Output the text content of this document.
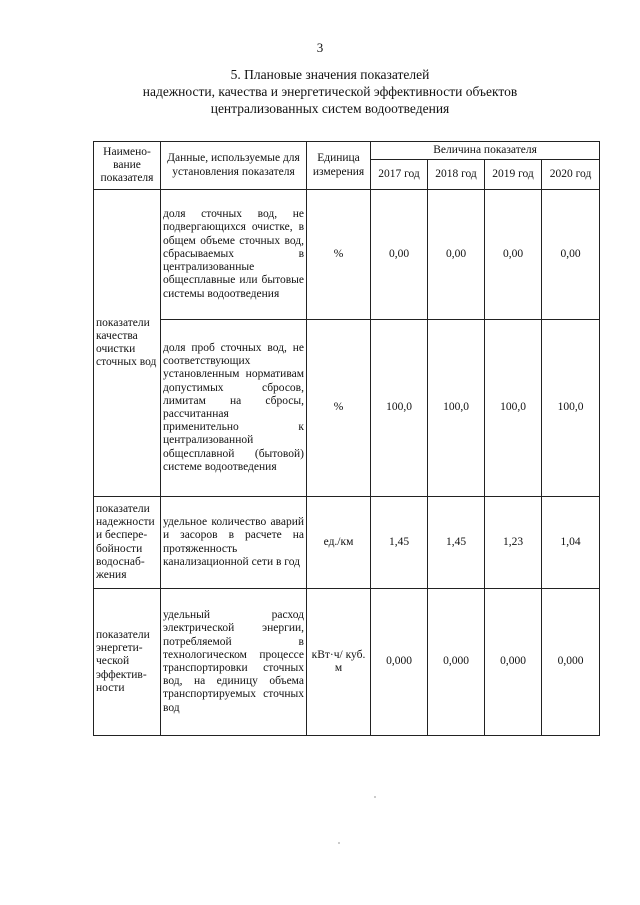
3
5. Плановые значения показателей
надежности, качества и энергетической эффективности объектов
централизованных систем водоотведения
Наимено-вание показателя	Данные, используемые для установления показателя	Единица измерения	Величина показателя			
			2017 год	2018 год	2019 год	2020 год
показатели качества очистки сточных вод	доля сточных вод, не подвергающихся очистке, в общем объеме сточных вод, сбрасываемых в централизованные общесплавные или бытовые системы водоотведения	%	0,00	0,00	0,00	0,00
	доля проб сточных вод, не соответствующих установленным нормативам допустимых сбросов, лимитам на сбросы, рассчитанная применительно к централизованной общесплавной (бытовой) системе водоотведения	%	100,0	100,0	100,0	100,0
показатели надежности и беспере-бойности водоснаб-жения	удельное количество аварий и засоров в расчете на протяженность канализационной сети в год	ед./км	1,45	1,45	1,23	1,04
показатели энергети-ческой эффектив-ности	удельный расход электрической энергии, потребляемой в технологическом процессе транспортировки сточных вод, на единицу объема транспортируемых сточных вод	кВт·ч/ куб. м	0,000	0,000	0,000	0,000
